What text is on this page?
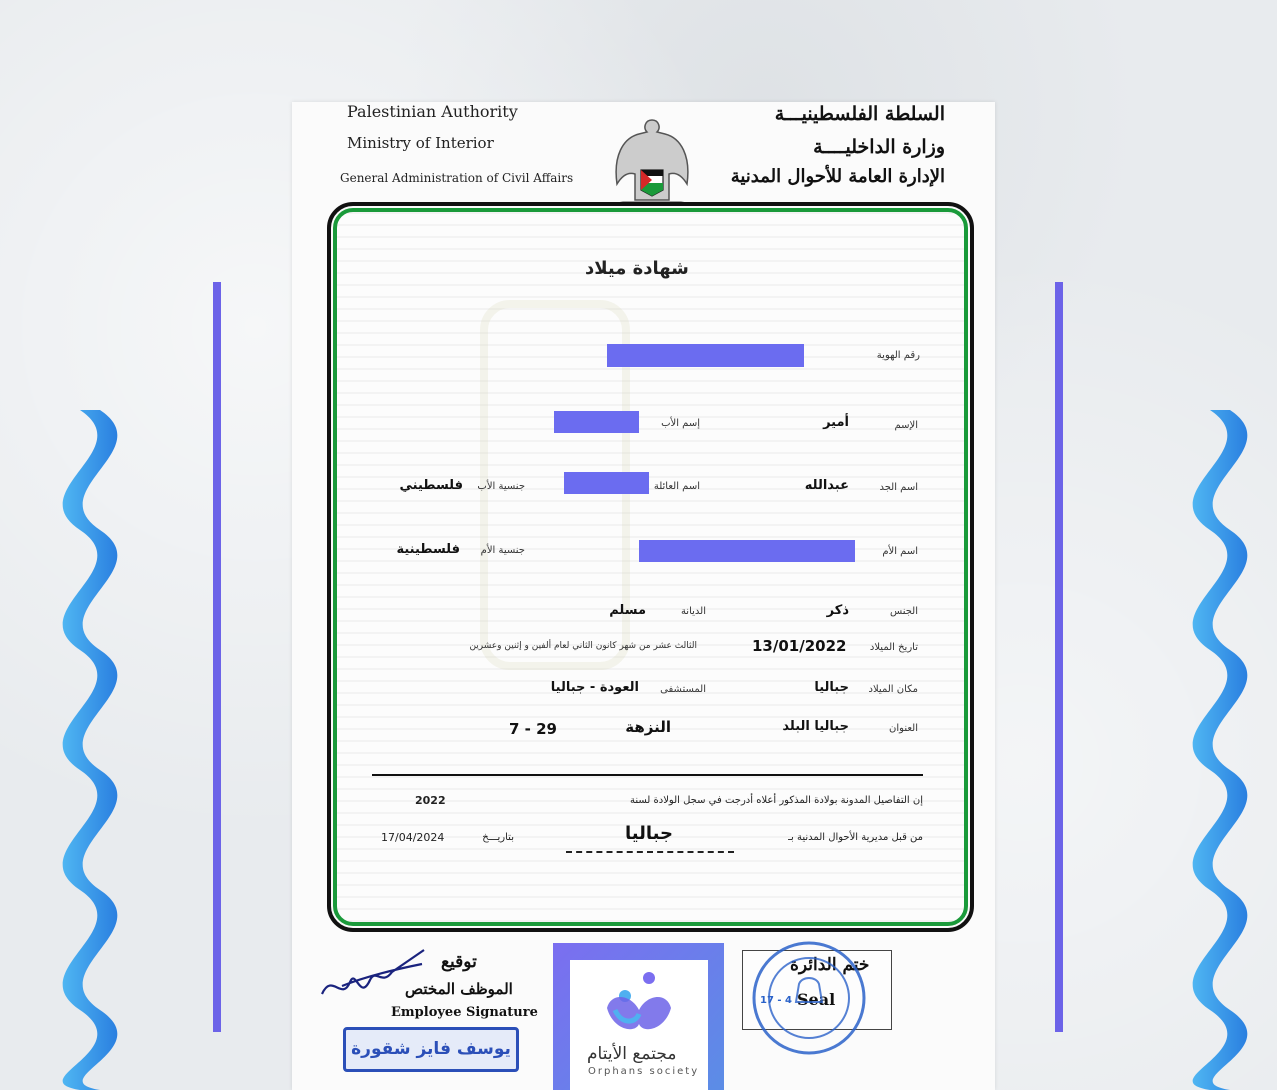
Palestinian Authority
Ministry of Interior
General Administration of Civil Affairs
السلطة الفلسطينيـــة
وزارة الداخليــــة
الإدارة العامة للأحوال المدنية
شهادة ميلاد
رقم الهوية
الإسم
أمير
إسم الأب
اسم الجد
عبدالله
اسم العائلة
جنسية الأب
فلسطيني
اسم الأم
جنسية الأم
فلسطينية
الجنس
ذكر
الديانة
مسلم
تاريخ الميلاد
13/01/2022
الثالث عشر من شهر كانون الثاني لعام ألفين و إثنين وعشرين
مكان الميلاد
جباليا
المستشفى
العودة - جباليا
العنوان
جباليا البلد
النزهة
7 - 29
إن التفاصيل المدونة بولادة المذكور أعلاه أدرجت في سجل الولادة لسنة
2022
من قبل مديرية الأحوال المدنية بـ
جباليا
بتاريـــخ
17/04/2024
توقيع
الموظف المختص
Employee Signature
يوسف فايز شقورة	مجتمع الأيتام
Orphans society
ختم الدائرة
Seal
17 - 4
